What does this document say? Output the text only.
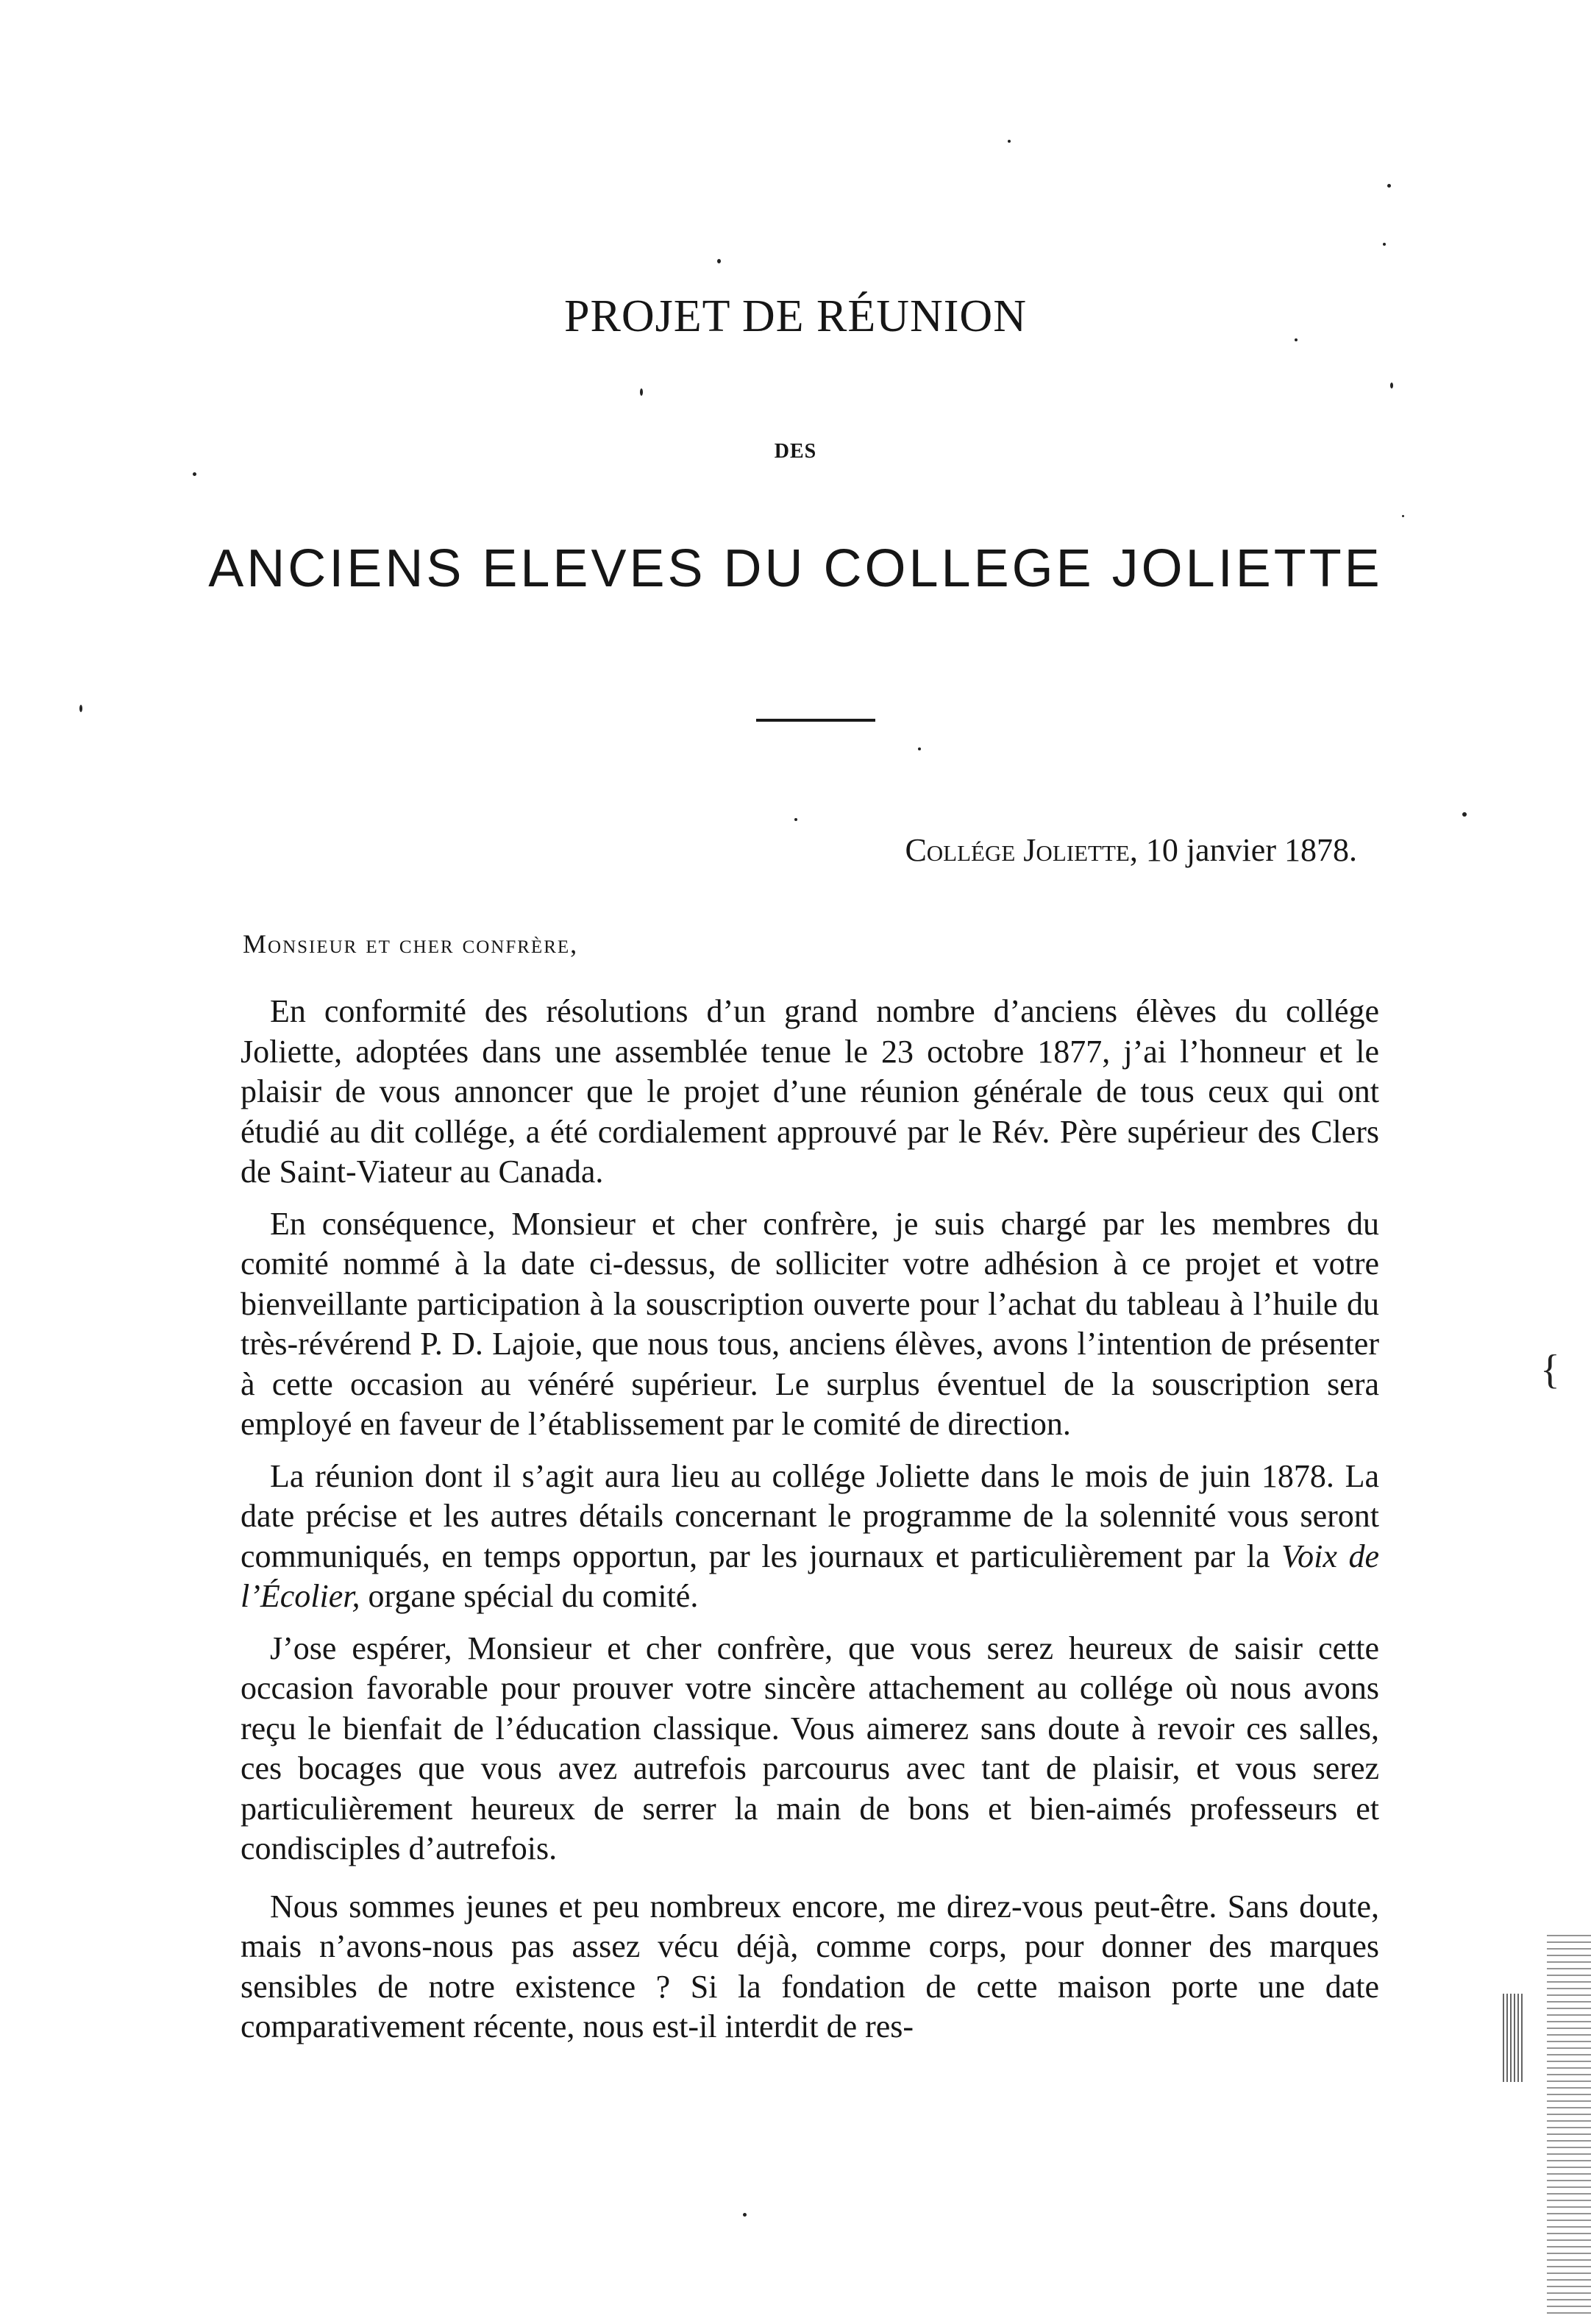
PROJET DE RÉUNION
DES
ANCIENS ELEVES DU COLLEGE JOLIETTE
Collége Joliette, 10 janvier 1878.
Monsieur et cher confrère,

En conformité des résolutions d’un grand nombre d’anciens élèves du collége Joliette, adoptées dans une assemblée tenue le 23 octobre 1877, j’ai l’honneur et le plaisir de vous annoncer que le projet d’une réunion générale de tous ceux qui ont étudié au dit collége, a été cordialement approuvé par le Rév. Père supérieur des Clers de Saint-Viateur au Canada.

En conséquence, Monsieur et cher confrère, je suis chargé par les membres du comité nommé à la date ci-dessus, de solliciter votre adhésion à ce projet et votre bienveillante participation à la souscription ouverte pour l’achat du tableau à l’huile du très-révérend P. D. Lajoie, que nous tous, anciens élèves, avons l’intention de présenter à cette occasion au vénéré supérieur. Le surplus éventuel de la souscription sera employé en faveur de l’établissement par le comité de direction.

La réunion dont il s’agit aura lieu au collége Joliette dans le mois de juin 1878. La date précise et les autres détails concernant le programme de la solennité vous seront communiqués, en temps opportun, par les journaux et particulièrement par la Voix de l’Écolier, organe spécial du comité.

J’ose espérer, Monsieur et cher confrère, que vous serez heureux de saisir cette occasion favorable pour prouver votre sincère attachement au collége où nous avons reçu le bienfait de l’éducation classique. Vous aimerez sans doute à revoir ces salles, ces bocages que vous avez autrefois parcourus avec tant de plaisir, et vous serez particulièrement heureux de serrer la main de bons et bien-aimés professeurs et condisciples d’autrefois.

Nous sommes jeunes et peu nombreux encore, me direz-vous peut-être. Sans doute, mais n’avons-nous pas assez vécu déjà, comme corps, pour donner des marques sensibles de notre existence ? Si la fondation de cette maison porte une date comparativement récente, nous est-il interdit de res-

{
